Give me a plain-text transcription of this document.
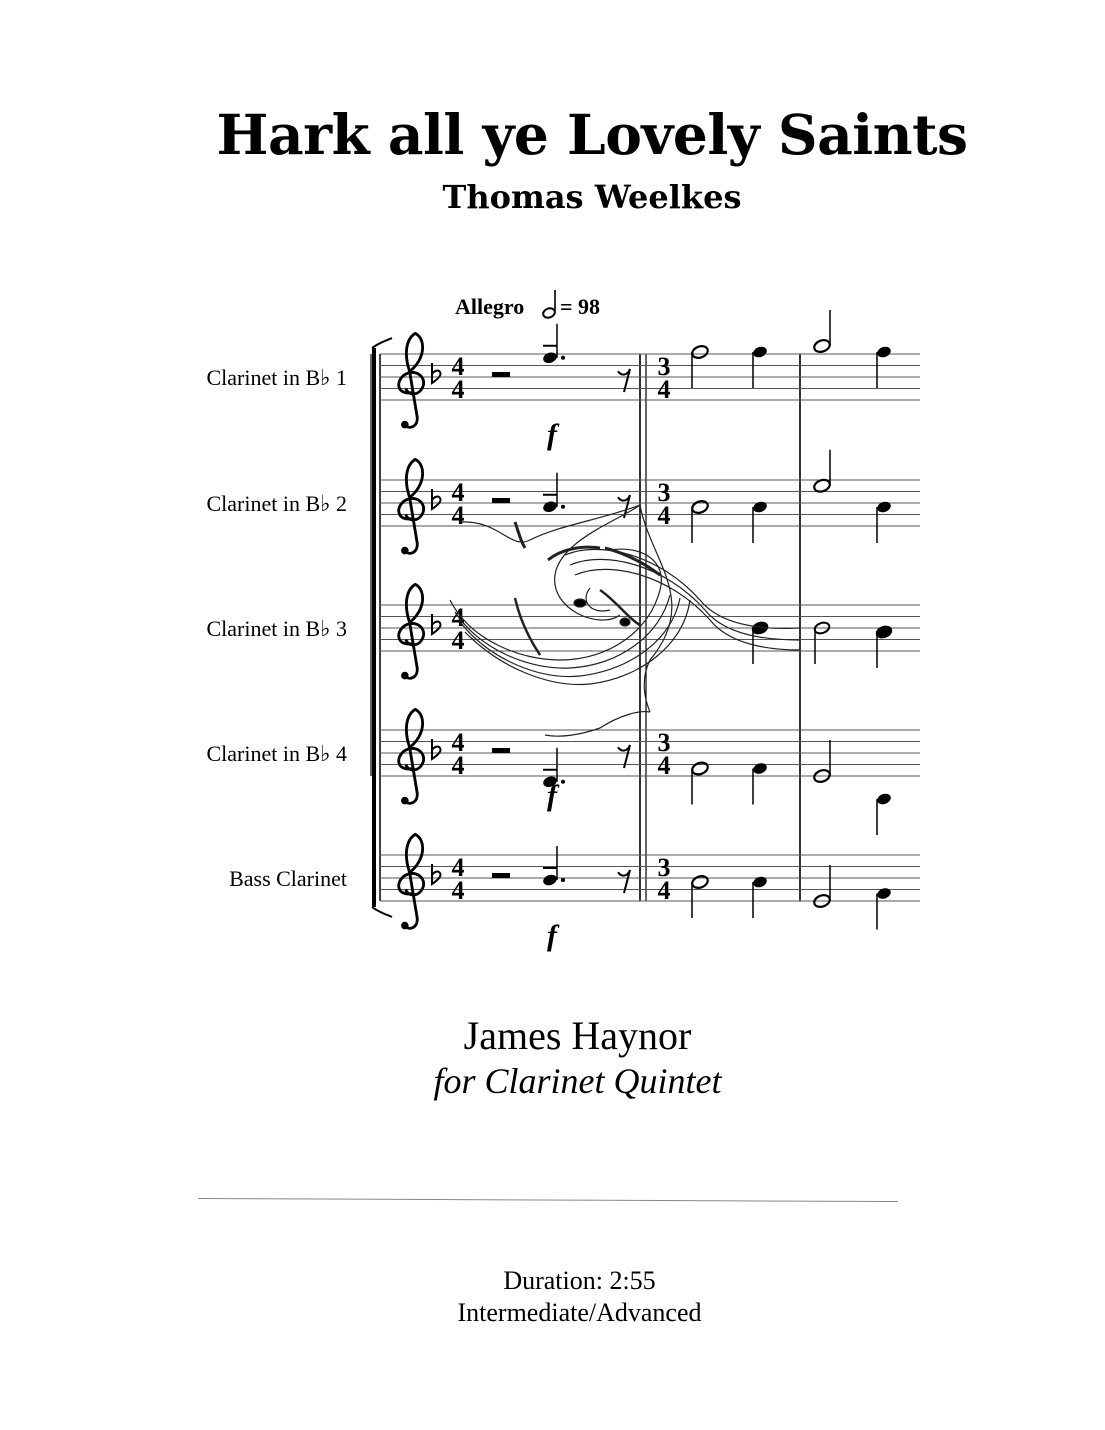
Hark all ye Lovely Saints
Thomas Weelkes
Allegro = 98
Clarinet in B♭ 1	4
4
f
3
4
Clarinet in B♭ 2	4
4
3
4
Clarinet in B♭ 3	4
4
Clarinet in B♭ 4	4
4
f
3
4
Bass Clarinet	4
4
f
3
4
James Haynor
for Clarinet Quintet
Duration: 2:55
Intermediate/Advanced
